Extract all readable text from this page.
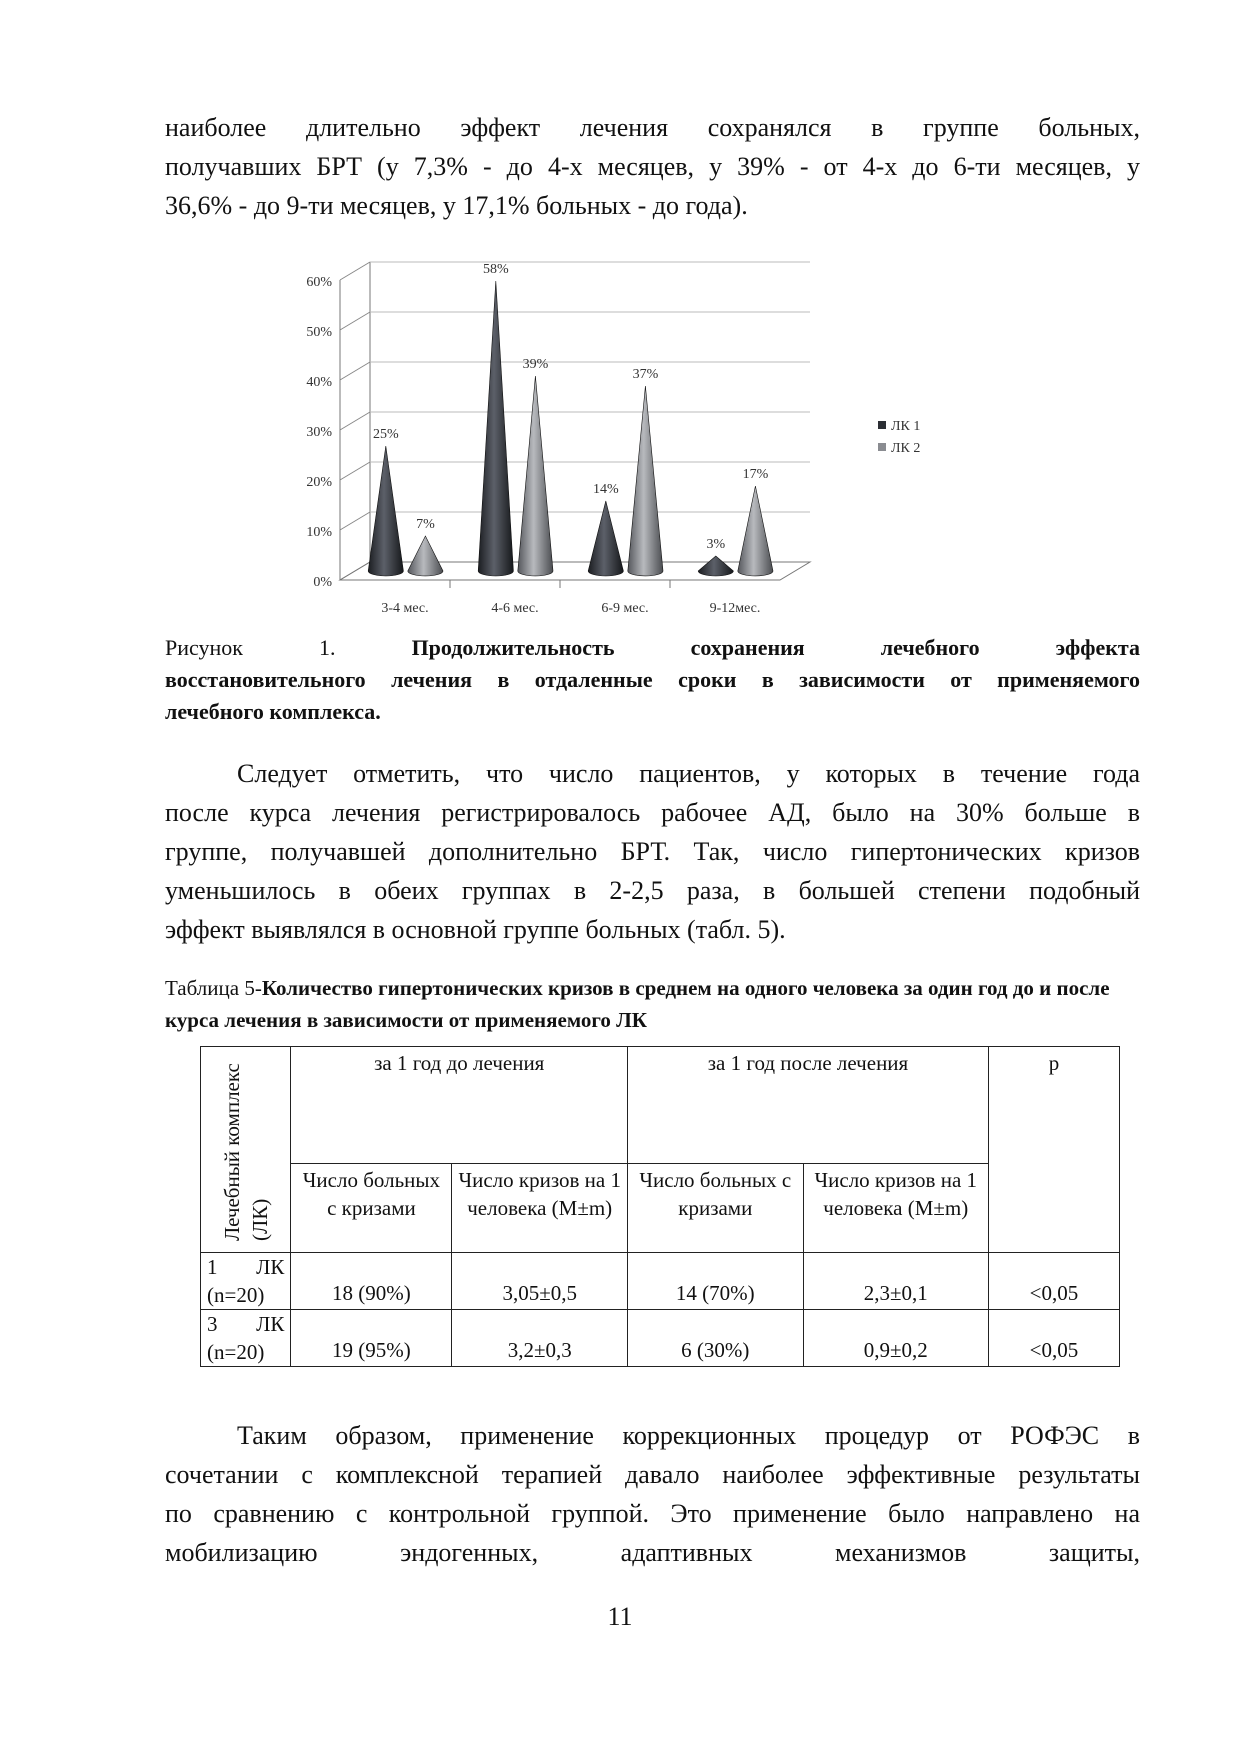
наиболее длительно эффект лечения сохранялся в группе больных,
получавших БРТ (у 7,3% - до 4-х месяцев, у 39% - от 4-х до 6-ти месяцев, у
36,6% - до 9-ти месяцев, у 17,1% больных - до года).
0%
10%
20%
30%
40%
50%
60%
25%
7%
58%
39%
14%
37%
3%
17%
3-4 мес.	4-6 мес.	6-9 мес.	9-12мес.
ЛК 1
ЛК 2
Рисунок 1.	Продолжительность сохранения лечебного эффекта
восстановительного лечения в отдаленные сроки в зависимости от применяемого
лечебного комплекса.
Следует отметить, что число пациентов, у которых в течение года
после курса лечения регистрировалось рабочее АД, было на 30% больше в
группе, получавшей дополнительно БРТ. Так, число гипертонических кризов
уменьшилось в обеих группах в 2-2,5 раза, в большей степени подобный
эффект выявлялся в основной группе больных (табл. 5).
Таблица 5-Количество гипертонических кризов в среднем на одного человека за один год до и после курса лечения в зависимости от применяемого ЛК
Лечебный комплекс (ЛК)	за 1 год до лечения		за 1 год после лечения		p
	Число больных с кризами	Число кризов на 1 человека (M±m)	Число больных с кризами	Число кризов на 1 человека (M±m)	

1 ЛК
(n=20)	18 (90%)	3,05±0,5	14 (70%)	2,3±0,1	<0,05

3 ЛК
(n=20)	19 (95%)	3,2±0,3	6 (30%)	0,9±0,2	<0,05
Таким образом, применение коррекционных процедур от РОФЭС в
сочетании с комплексной терапией давало наиболее эффективные результаты
по сравнению с контрольной группой. Это применение было направлено на
мобилизацию эндогенных, адаптивных механизмов защиты,
11
